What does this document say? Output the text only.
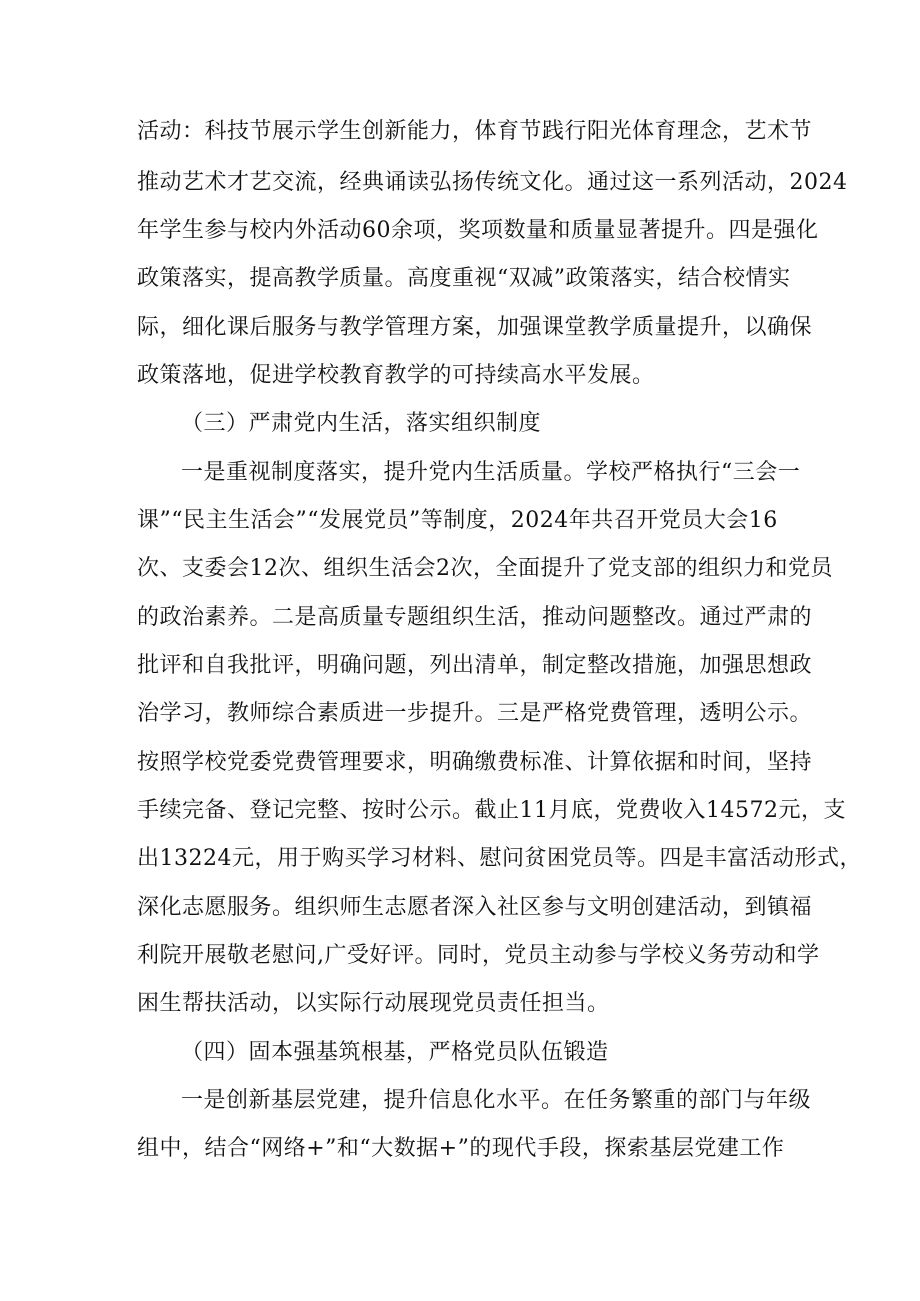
活动：科技节展示学生创新能力，体育节践行阳光体育理念，艺术节
推动艺术才艺交流，经典诵读弘扬传统文化。通过这一系列活动，2024
年学生参与校内外活动60余项，奖项数量和质量显著提升。四是强化
政策落实，提高教学质量。高度重视“双减”政策落实，结合校情实
际，细化课后服务与教学管理方案，加强课堂教学质量提升，以确保
政策落地，促进学校教育教学的可持续高水平发展。
（三）严肃党内生活，落实组织制度
一是重视制度落实，提升党内生活质量。学校严格执行“三会一
课”“民主生活会”“发展党员”等制度，2024年共召开党员大会16
次、支委会12次、组织生活会2次，全面提升了党支部的组织力和党员
的政治素养。二是高质量专题组织生活，推动问题整改。通过严肃的
批评和自我批评，明确问题，列出清单，制定整改措施，加强思想政
治学习，教师综合素质进一步提升。三是严格党费管理，透明公示。
按照学校党委党费管理要求，明确缴费标准、计算依据和时间，坚持
手续完备、登记完整、按时公示。截止11月底，党费收入14572元，支
出13224元，用于购买学习材料、慰问贫困党员等。四是丰富活动形式，
深化志愿服务。组织师生志愿者深入社区参与文明创建活动，到镇福
利院开展敬老慰问,广受好评。同时，党员主动参与学校义务劳动和学
困生帮扶活动，以实际行动展现党员责任担当。
（四）固本强基筑根基，严格党员队伍锻造
一是创新基层党建，提升信息化水平。在任务繁重的部门与年级
组中，结合“网络+”和“大数据+”的现代手段，探索基层党建工作
